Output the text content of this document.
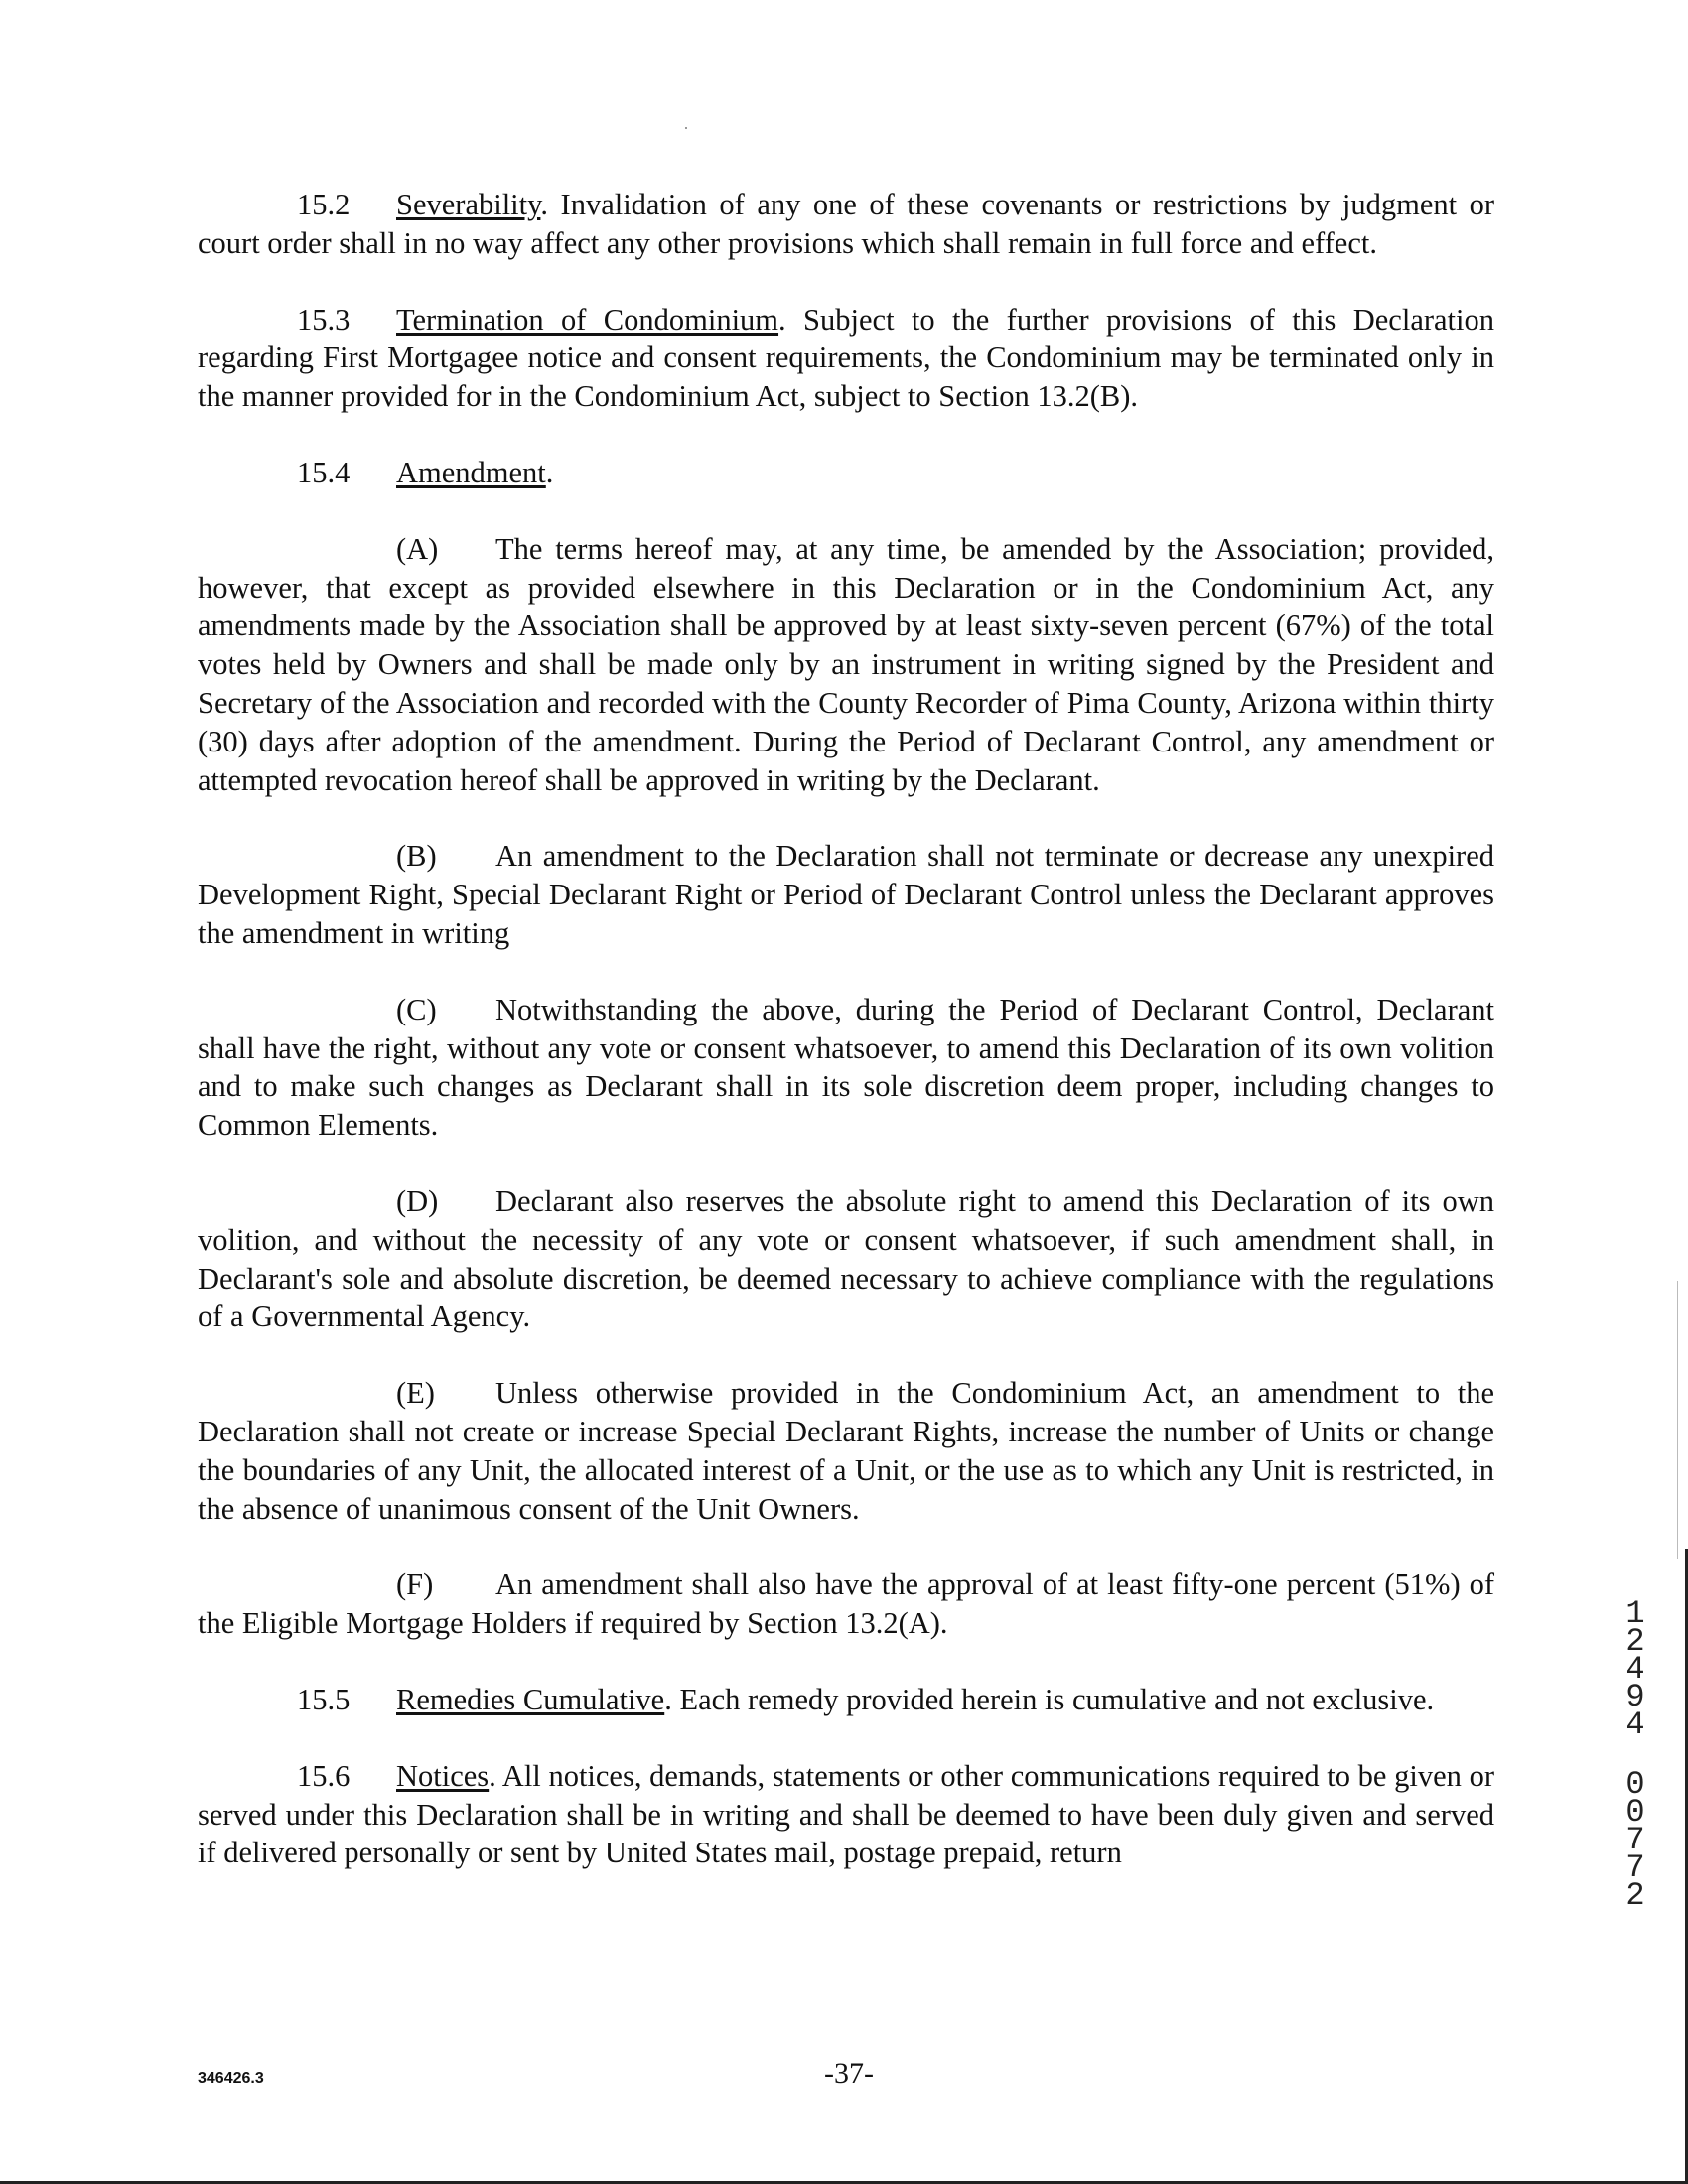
15.2 Severability. Invalidation of any one of these covenants or restrictions by judgment or court order shall in no way affect any other provisions which shall remain in full force and effect.

15.3 Termination of Condominium. Subject to the further provisions of this Declaration regarding First Mortgagee notice and consent requirements, the Condominium may be terminated only in the manner provided for in the Condominium Act, subject to Section 13.2(B).

15.4 Amendment.

(A) The terms hereof may, at any time, be amended by the Association; provided, however, that except as provided elsewhere in this Declaration or in the Condominium Act, any amendments made by the Association shall be approved by at least sixty-seven percent (67%) of the total votes held by Owners and shall be made only by an instrument in writing signed by the President and Secretary of the Association and recorded with the County Recorder of Pima County, Arizona within thirty (30) days after adoption of the amendment. During the Period of Declarant Control, any amendment or attempted revocation hereof shall be approved in writing by the Declarant.

(B) An amendment to the Declaration shall not terminate or decrease any unexpired Development Right, Special Declarant Right or Period of Declarant Control unless the Declarant approves the amendment in writing

(C) Notwithstanding the above, during the Period of Declarant Control, Declarant shall have the right, without any vote or consent whatsoever, to amend this Declaration of its own volition and to make such changes as Declarant shall in its sole discretion deem proper, including changes to Common Elements.

(D) Declarant also reserves the absolute right to amend this Declaration of its own volition, and without the necessity of any vote or consent whatsoever, if such amendment shall, in Declarant's sole and absolute discretion, be deemed necessary to achieve compliance with the regulations of a Governmental Agency.

(E) Unless otherwise provided in the Condominium Act, an amendment to the Declaration shall not create or increase Special Declarant Rights, increase the number of Units or change the boundaries of any Unit, the allocated interest of a Unit, or the use as to which any Unit is restricted, in the absence of unanimous consent of the Unit Owners.

(F) An amendment shall also have the approval of at least fifty-one percent (51%) of the Eligible Mortgage Holders if required by Section 13.2(A).

15.5 Remedies Cumulative. Each remedy provided herein is cumulative and not exclusive.

15.6 Notices. All notices, demands, statements or other communications required to be given or served under this Declaration shall be in writing and shall be deemed to have been duly given and served if delivered personally or sent by United States mail, postage prepaid, return

1
2
4
9
4
0
0
7
7
2
346426.3	-37-
